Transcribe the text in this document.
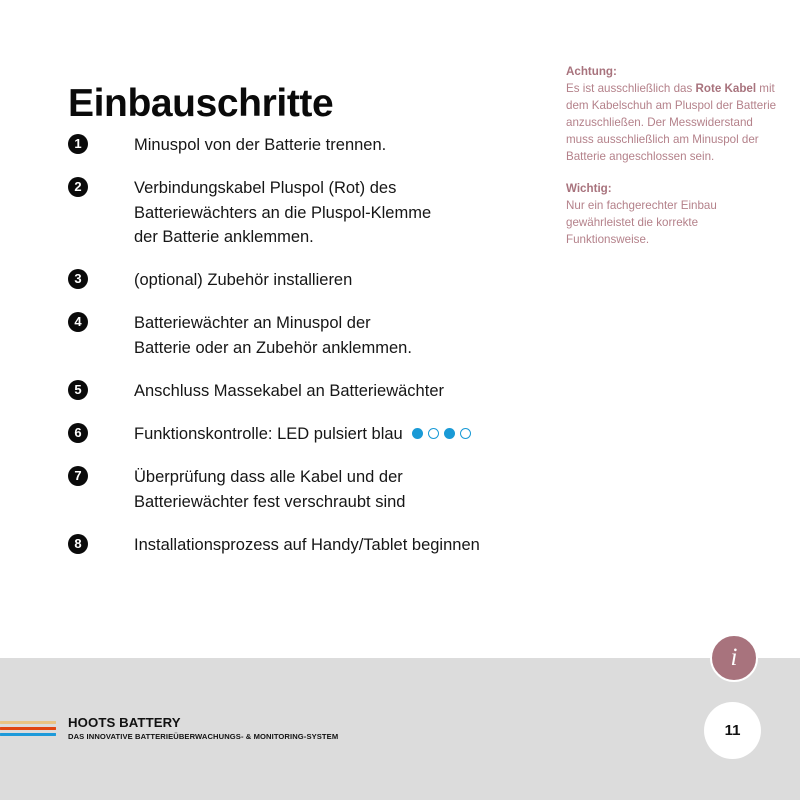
Einbauschritte
1	Minuspol von der Batterie trennen.
2	Verbindungskabel Pluspol (Rot) des
Batteriewächters an die Pluspol-Klemme
der Batterie anklemmen.
3	(optional) Zubehör installieren
4	Batteriewächter an Minuspol der
Batterie oder an Zubehör anklemmen.
5	Anschluss Massekabel an Batteriewächter
6	Funktionskontrolle: LED pulsiert blau
7	Überprüfung dass alle Kabel und der
Batteriewächter fest verschraubt sind
8	Installationsprozess auf Handy/Tablet beginnen
Achtung:
Es ist ausschließlich das Rote Kabel mit dem Kabelschuh am Pluspol der Batterie anzuschließen. Der Messwiderstand muss ausschließlich am Minuspol der Batterie angeschlossen sein.
Wichtig:
Nur ein fachgerechter Einbau gewährleistet die korrekte Funktionsweise.
HOOTS BATTERY
DAS INNOVATIVE BATTERIEÜBERWACHUNGS- & MONITORING-SYSTEM
i
11
